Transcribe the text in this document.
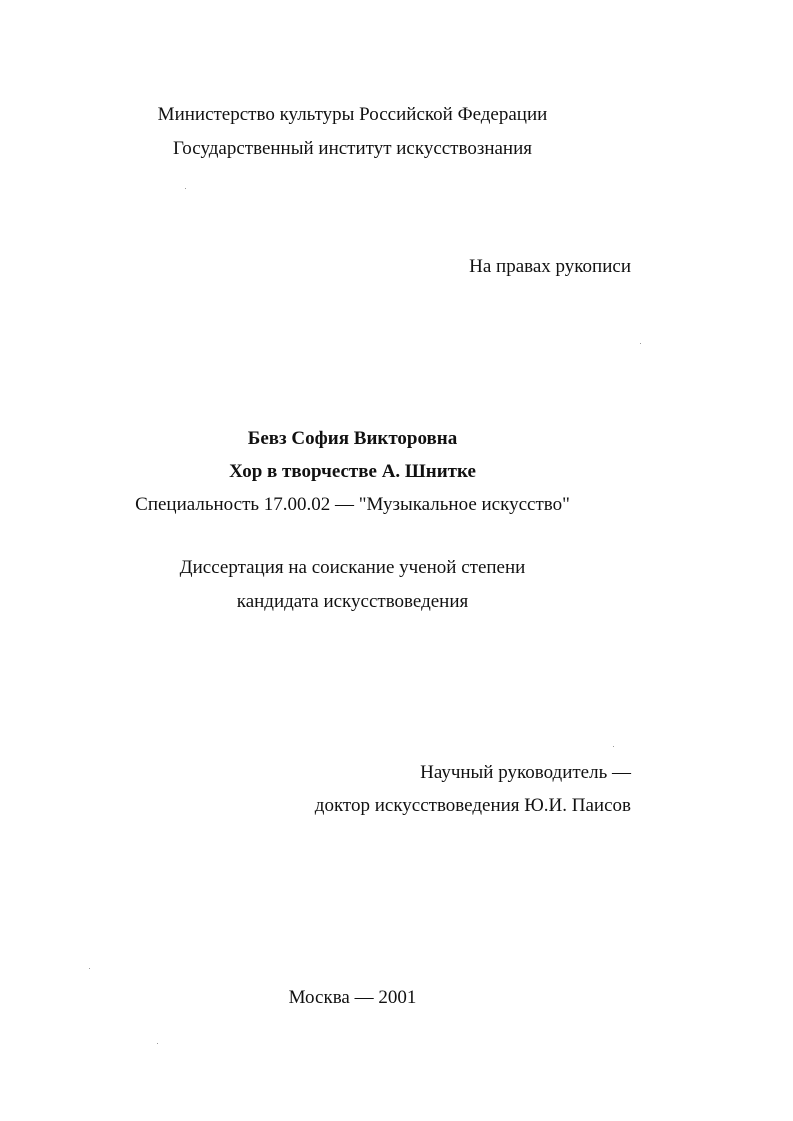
Министерство культуры Российской Федерации
Государственный институт искусствознания
На правах рукописи
Бевз София Викторовна
Хор в творчестве А. Шнитке
Специальность 17.00.02 — "Музыкальное искусство"
Диссертация на соискание ученой степени
кандидата искусствоведения
Научный руководитель —
доктор искусствоведения Ю.И. Паисов
Москва — 2001
